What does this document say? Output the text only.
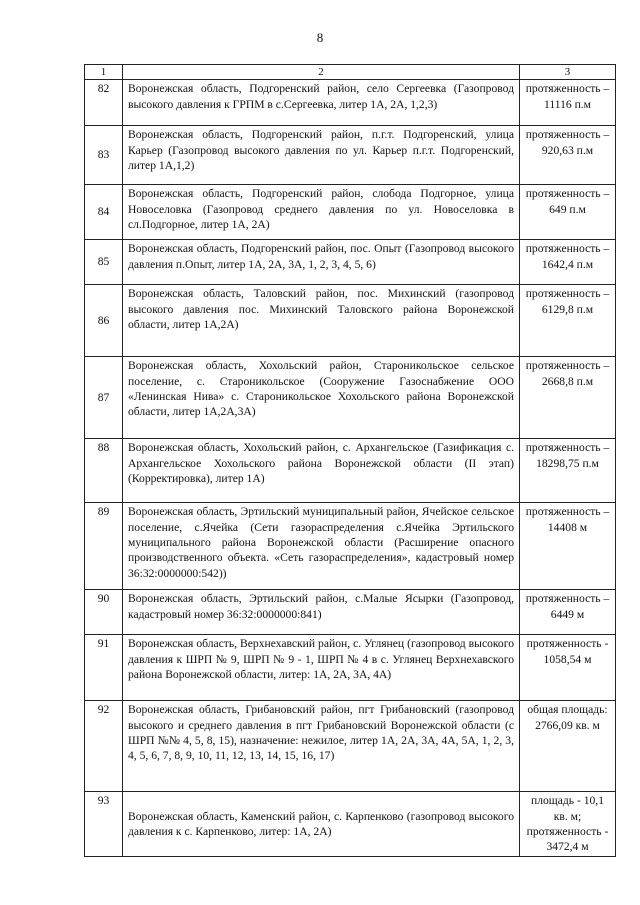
8
1	2	3
82	Воронежская область, Подгоренский район, село Сергеевка (Газопровод высокого давления к ГРПМ в с.Сергеевка, литер 1А, 2А, 1,2,3)	протяженность –
11116 п.м

83	Воронежская область, Подгоренский район, п.г.т. Подгоренский, улица Карьер (Газопровод высокого давления по ул. Карьер п.г.т. Подгоренский, литер 1А,1,2)	протяженность –
920,63 п.м

84	Воронежская область, Подгоренский район, слобода Подгорное, улица Новоселовка (Газопровод среднего давления по ул. Новоселовка в сл.Подгорное, литер 1А, 2А)	протяженность –
649 п.м

85	Воронежская область, Подгоренский район, пос. Опыт (Газопровод высокого давления п.Опыт, литер 1А, 2А, 3А, 1, 2, 3, 4, 5, 6)	протяженность –
1642,4 п.м

86	Воронежская область, Таловский район, пос. Михинский (газопровод высокого давления пос. Михинский Таловского района Воронежской области, литер 1А,2А)	протяженность –
6129,8 п.м

87	Воронежская область, Хохольский район, Староникольское сельское поселение, с. Староникольское (Сооружение Газоснабжение ООО «Ленинская Нива» с. Староникольское Хохольского района Воронежской области, литер 1А,2А,3А)	протяженность –
2668,8 п.м

88	Воронежская область, Хохольский район, с. Архангельское (Газификация с. Архангельское Хохольского района Воронежской области (II этап) (Корректировка), литер 1А)	протяженность –
18298,75 п.м

89	Воронежская область, Эртильский муниципальный район, Ячейское сельское поселение, с.Ячейка (Сети газораспределения с.Ячейка Эртильского муниципального района Воронежской области (Расширение опасного производственного объекта. «Сеть газораспределения», кадастровый номер 36:32:0000000:542))	протяженность –
14408 м

90	Воронежская область, Эртильский район, с.Малые Ясырки (Газопровод, кадастровый номер 36:32:0000000:841)	протяженность –
6449 м

91	Воронежская область, Верхнехавский район, с. Углянец (газопровод высокого давления к ШРП № 9, ШРП № 9 - 1, ШРП № 4 в с. Углянец Верхнехавского района Воронежской области, литер: 1А, 2А, 3А, 4А)	протяженность -
1058,54 м

92	Воронежская область, Грибановский район, пгт Грибановский (газопровод высокого и среднего давления в пгт Грибановский Воронежской области (с ШРП №№ 4, 5, 8, 15), назначение: нежилое, литер 1А, 2А, 3А, 4А, 5А, 1, 2, 3, 4, 5, 6, 7, 8, 9, 10, 11, 12, 13, 14, 15, 16, 17)	общая площадь:
2766,09 кв. м

93	Воронежская область, Каменский район, с. Карпенково (газопровод высокого давления к с. Карпенково, литер: 1А, 2А)	площадь - 10,1 кв. м;
протяженность - 3472,4 м
